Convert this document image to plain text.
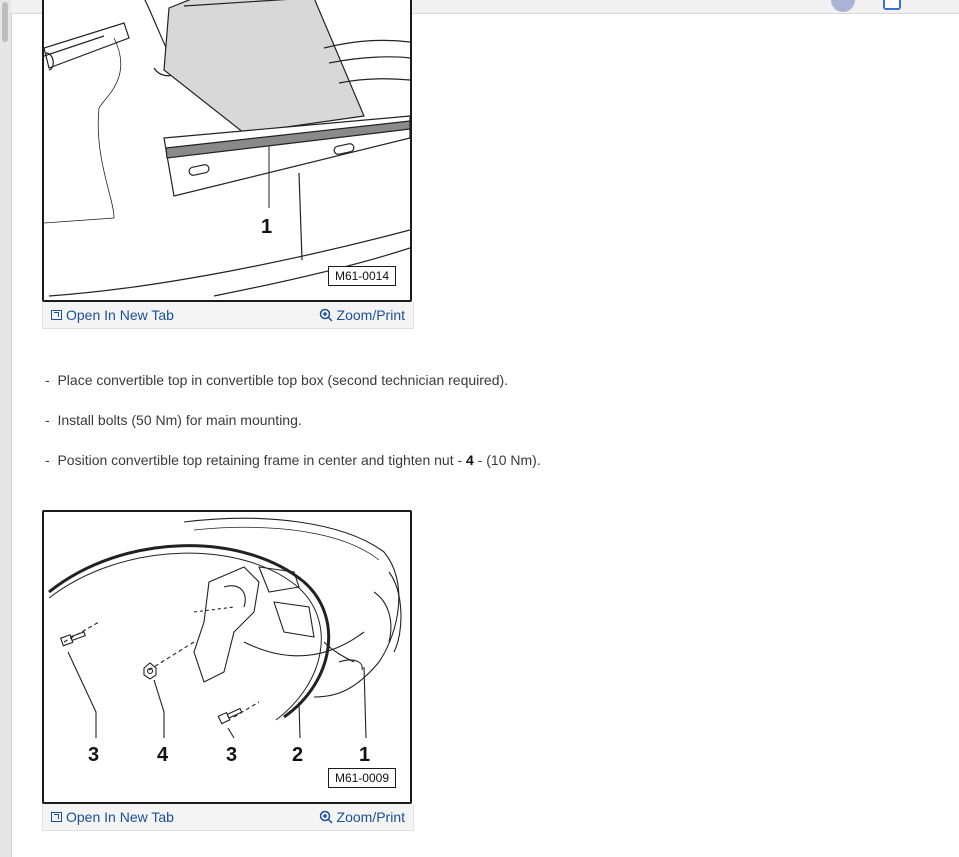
1
M61-0014
Open In New Tab	Zoom/Print
- Place convertible top in convertible top box (second technician required).
- Install bolts (50 Nm) for main mounting.
- Position convertible top retaining frame in center and tighten nut - 4 - (10 Nm).
3	4	3	2	1
M61-0009
Open In New Tab	Zoom/Print
